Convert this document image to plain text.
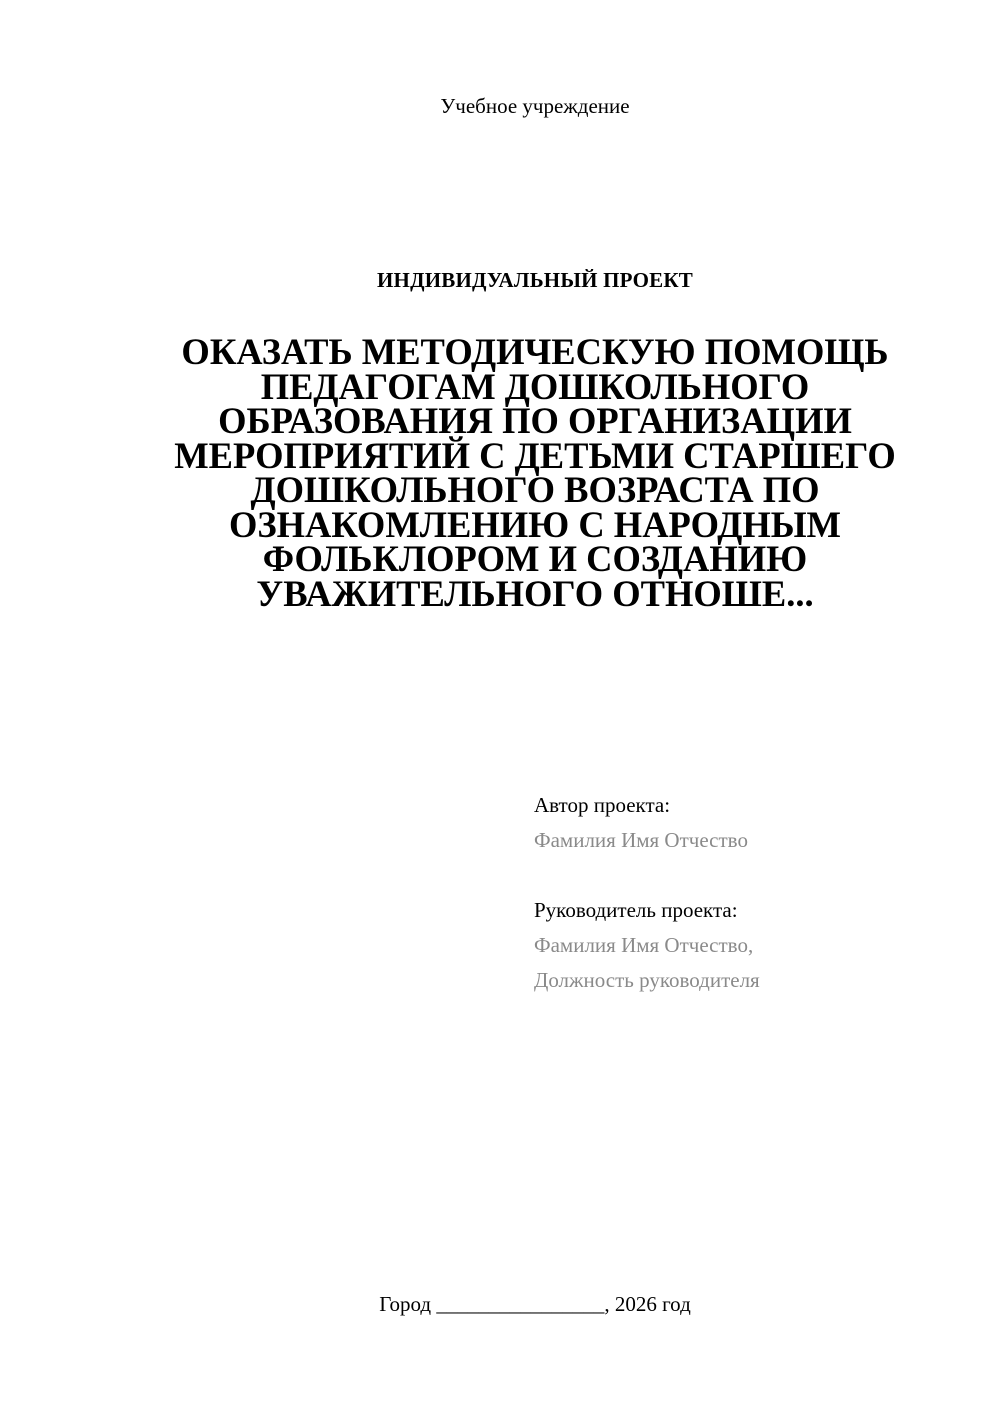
Учебное учреждение
ИНДИВИДУАЛЬНЫЙ ПРОЕКТ
ОКАЗАТЬ МЕТОДИЧЕСКУЮ ПОМОЩЬ
ПЕДАГОГАМ ДОШКОЛЬНОГО
ОБРАЗОВАНИЯ ПО ОРГАНИЗАЦИИ
МЕРОПРИЯТИЙ С ДЕТЬМИ СТАРШЕГО
ДОШКОЛЬНОГО ВОЗРАСТА ПО
ОЗНАКОМЛЕНИЮ С НАРОДНЫМ
ФОЛЬКЛОРОМ И СОЗДАНИЮ
УВАЖИТЕЛЬНОГО ОТНОШЕ...
Автор проекта:
Фамилия Имя Отчество
Руководитель проекта:
Фамилия Имя Отчество,
Должность руководителя
Город ________________, 2026 год
